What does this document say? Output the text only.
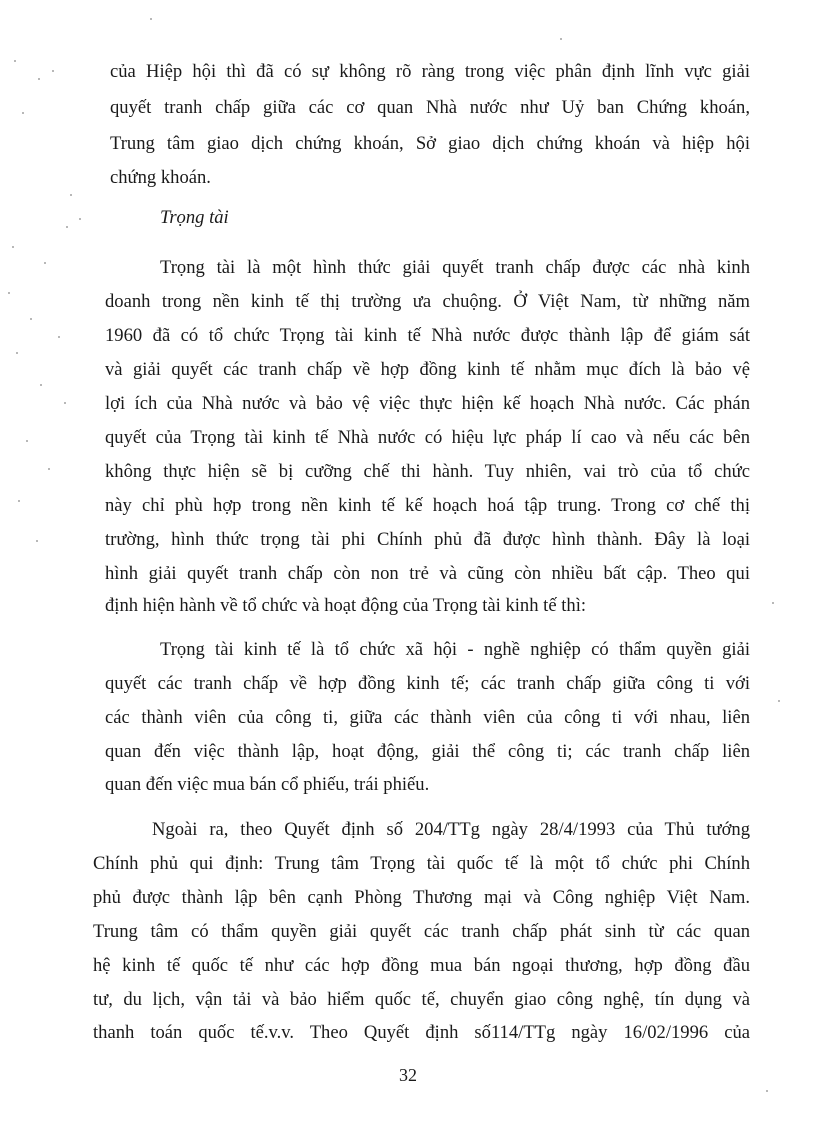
của Hiệp hội thì đã có sự không rõ ràng trong việc phân định lĩnh vực giải
quyết tranh chấp giữa các cơ quan Nhà nước như Uỷ ban Chứng khoán,
Trung tâm giao dịch chứng khoán, Sở giao dịch chứng khoán và hiệp hội
chứng khoán.
Trọng tài
Trọng tài là một hình thức giải quyết tranh chấp được các nhà kinh
doanh trong nền kinh tế thị trường ưa chuộng. Ở Việt Nam, từ những năm
1960 đã có tổ chức Trọng tài kinh tế Nhà nước được thành lập để giám sát
và giải quyết các tranh chấp về hợp đồng kinh tế nhằm mục đích là bảo vệ
lợi ích của Nhà nước và bảo vệ việc thực hiện kế hoạch Nhà nước. Các phán
quyết của Trọng tài kinh tế Nhà nước có hiệu lực pháp lí cao và nếu các bên
không thực hiện sẽ bị cưỡng chế thi hành. Tuy nhiên, vai trò của tổ chức
này chỉ phù hợp trong nền kinh tế kế hoạch hoá tập trung. Trong cơ chế thị
trường, hình thức trọng tài phi Chính phủ đã được hình thành. Đây là loại
hình giải quyết tranh chấp còn non trẻ và cũng còn nhiều bất cập. Theo qui
định hiện hành về tổ chức và hoạt động của Trọng tài kinh tế thì:
Trọng tài kinh tế là tổ chức xã hội - nghề nghiệp có thẩm quyền giải
quyết các tranh chấp về hợp đồng kinh tế; các tranh chấp giữa công ti với
các thành viên của công ti, giữa các thành viên của công ti với nhau, liên
quan đến việc thành lập, hoạt động, giải thể công ti; các tranh chấp liên
quan đến việc mua bán cổ phiếu, trái phiếu.
Ngoài ra, theo Quyết định số 204/TTg ngày 28/4/1993 của Thủ tướng
Chính phủ qui định: Trung tâm Trọng tài quốc tế là một tổ chức phi Chính
phủ được thành lập bên cạnh Phòng Thương mại và Công nghiệp Việt Nam.
Trung tâm có thẩm quyền giải quyết các tranh chấp phát sinh từ các quan
hệ kinh tế quốc tế như các hợp đồng mua bán ngoại thương, hợp đồng đầu
tư, du lịch, vận tải và bảo hiểm quốc tế, chuyển giao công nghệ, tín dụng và
thanh toán quốc tế.v.v. Theo Quyết định số114/TTg ngày 16/02/1996 của
32
